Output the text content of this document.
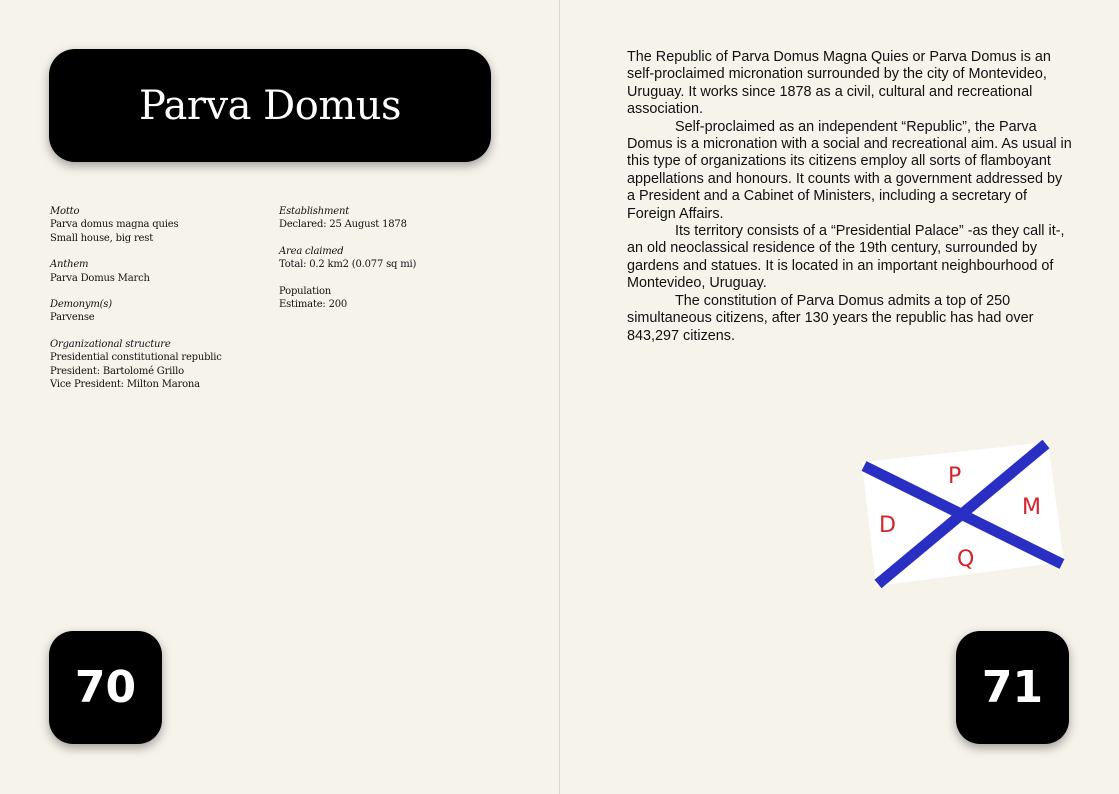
Parva Domus
Motto
Parva domus magna quies
Small house, big rest
Anthem
Parva Domus March
Demonym(s)
Parvense
Organizational structure
Presidential constitutional republic
President: Bartolomé Grillo
Vice President: Milton Marona
Establishment
Declared: 25 August 1878
Area claimed
Total: 0.2 km2 (0.077 sq mi)
Population
Estimate: 200
70

The Republic of Parva Domus Magna Quies or Parva Domus is an self-proclaimed micronation surrounded by the city of Montevideo, Uruguay. It works since 1878 as a civil, cultural and recreational association.

Self-proclaimed as an independent “Republic”, the Parva Domus is a micronation with a social and recreational aim. As usual in this type of organizations its citizens employ all sorts of flamboyant appellations and honours. It counts with a government addressed by a President and a Cabinet of Ministers, including a secretary of Foreign Affairs.

Its territory consists of a “Presidential Palace” -as they call it-, an old neoclassical residence of the 19th century, surrounded by gardens and statues. It is located in an important neighbourhood of Montevideo, Uruguay.

The constitution of Parva Domus admits a top of 250 simultaneous citizens, after 130 years the republic has had over 843,297 citizens.

P
D
M
Q
71
